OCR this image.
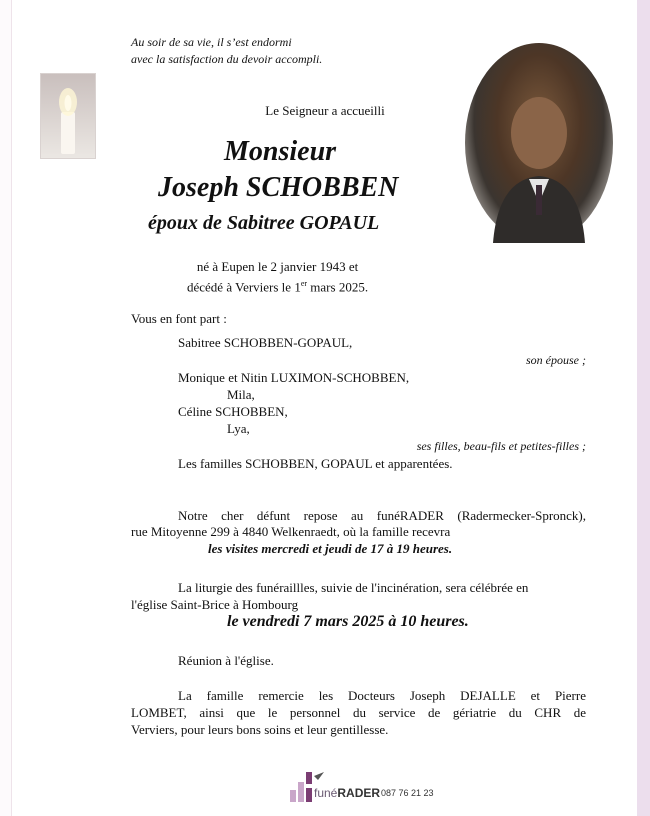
Au soir de sa vie, il s’est endormi
avec la satisfaction du devoir accompli.
Le Seigneur a accueilli
Monsieur
Joseph SCHOBBEN
époux de Sabitree GOPAUL
né à Eupen le 2 janvier 1943 et
décédé à Verviers le 1er mars 2025.
Vous en font part :
Sabitree SCHOBBEN-GOPAUL,
son épouse ;
Monique et Nitin LUXIMON-SCHOBBEN,
Mila,
Céline SCHOBBEN,
Lya,
ses filles, beau-fils et petites-filles ;
Les familles SCHOBBEN, GOPAUL et apparentées.
Notre cher défunt repose au funéRADER (Radermecker-Spronck),
rue Mitoyenne 299 à 4840 Welkenraedt, où la famille recevra
les visites mercredi et jeudi de 17 à 19 heures.
La liturgie des funéraillles, suivie de l'incinération, sera célébrée en
l'église Saint-Brice à Hombourg
le vendredi 7 mars 2025 à 10 heures.
Réunion à l'église.
La famille remercie les Docteurs Joseph DEJALLE et Pierre
LOMBET, ainsi que le personnel du service de gériatrie du CHR de
Verviers, pour leurs bons soins et leur gentillesse.
funéRADER 087 76 21 23
